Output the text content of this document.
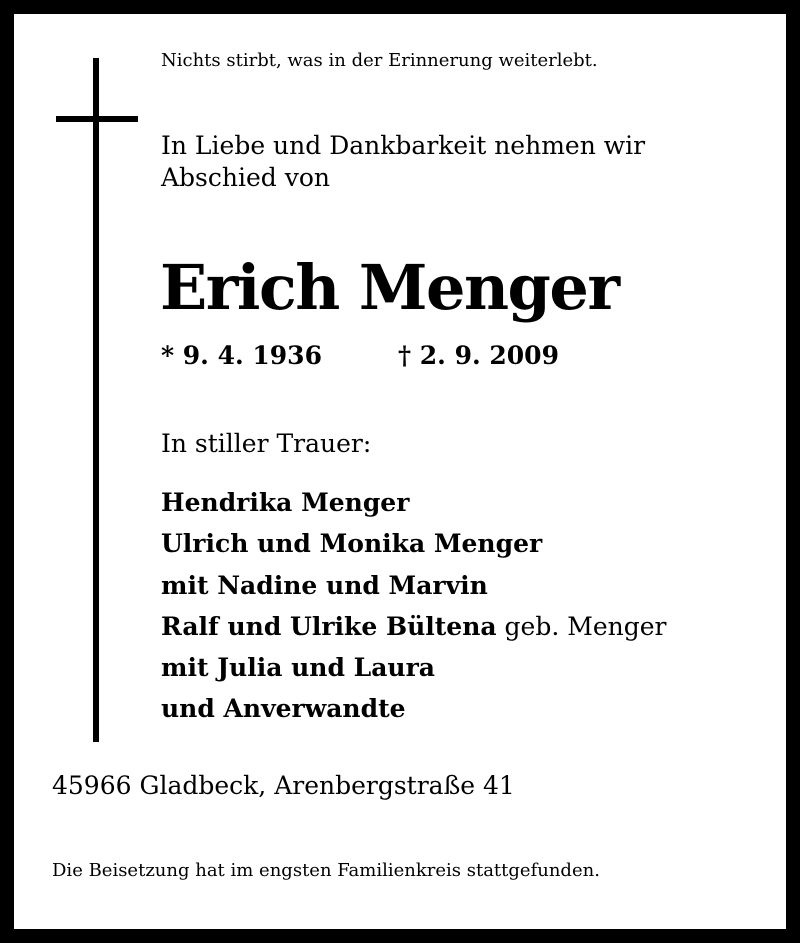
Nichts stirbt, was in der Erinnerung weiterlebt.
In Liebe und Dankbarkeit nehmen wir
Abschied von
Erich Menger
* 9. 4. 1936	† 2. 9. 2009
In stiller Trauer:
Hendrika Menger
Ulrich und Monika Menger
mit Nadine und Marvin
Ralf und Ulrike Bültena geb. Menger
mit Julia und Laura
und Anverwandte
45966 Gladbeck, Arenbergstraße 41
Die Beisetzung hat im engsten Familienkreis stattgefunden.
